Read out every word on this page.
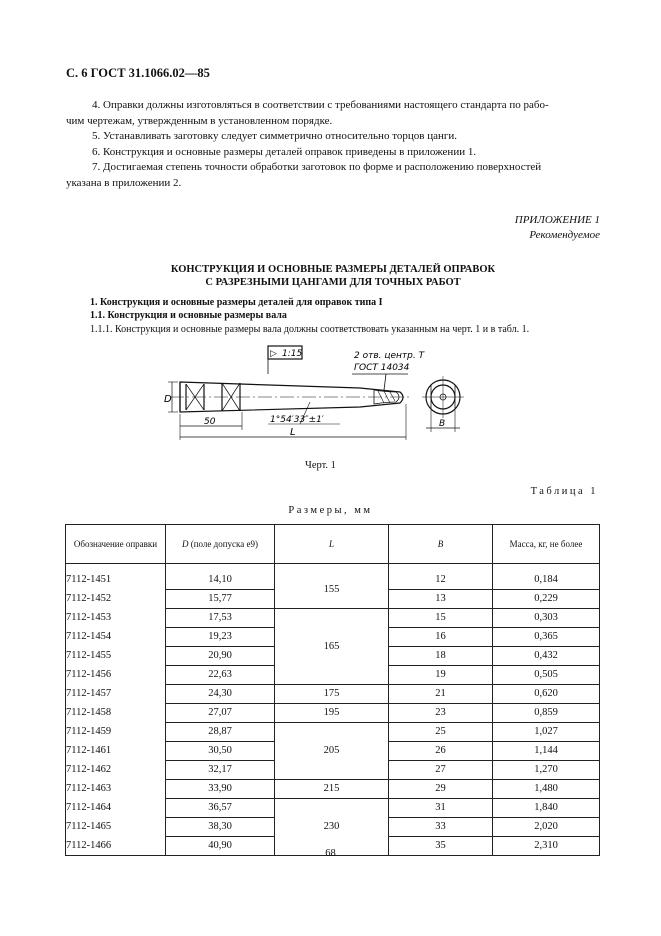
С. 6 ГОСТ 31.1066.02—85

4. Оправки должны изготовляться в соответствии с требованиями настоящего стандарта по рабо-

чим чертежам, утвержденным в установленном порядке.

5. Устанавливать заготовку следует симметрично относительно торцов цанги.

6. Конструкция и основные размеры деталей оправок приведены в приложении 1.

7. Достигаемая степень точности обработки заготовок по форме и расположению поверхностей

указана в приложении 2.

ПРИЛОЖЕНИЕ 1
Рекомендуемое
КОНСТРУКЦИЯ И ОСНОВНЫЕ РАЗМЕРЫ ДЕТАЛЕЙ ОПРАВОК
С РАЗРЕЗНЫМИ ЦАНГАМИ ДЛЯ ТОЧНЫХ РАБОТ
1. Конструкция и основные размеры деталей для оправок типа I
1.1. Конструкция и основные размеры вала
1.1.1. Конструкция и основные размеры вала должны соответствовать указанным на черт. 1 и в табл. 1.
▷ 1:15	2 отв. центр. Т
ГОСТ 14034
D
50	1°54′33″±1′
L
B
Черт. 1
Таблица 1
Размеры, мм
Обозначение оправки	D (поле допуска e9)	L	B	Масса, кг, не более

7112-1451	14,10	155	12	0,184
7112-1452	15,77		13	0,229
7112-1453	17,53	165	15	0,303
7112-1454	19,23		16	0,365
7112-1455	20,90		18	0,432
7112-1456	22,63		19	0,505
7112-1457	24,30	175	21	0,620
7112-1458	27,07	195	23	0,859
7112-1459	28,87	205	25	1,027
7112-1461	30,50		26	1,144
7112-1462	32,17		27	1,270
7112-1463	33,90	215	29	1,480
7112-1464	36,57	230	31	1,840
7112-1465	38,30		33	2,020
7112-1466	40,90		35	2,310
68
